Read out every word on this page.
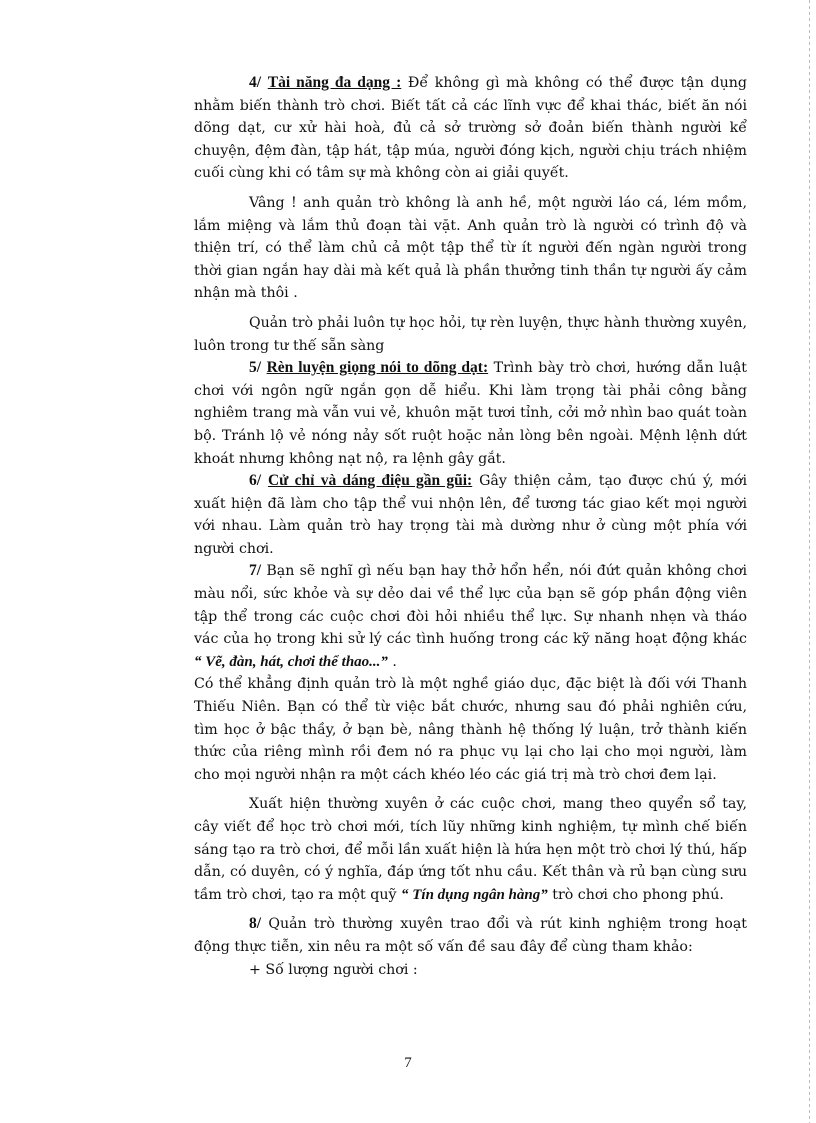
4/ Tài năng đa dạng : Để không gì mà không có thể được tận dụng nhằm biến thành trò chơi. Biết tất cả các lĩnh vực để khai thác, biết ăn nói dõng dạt, cư xử hài hoà, đủ cả sở trường sở đoản biến thành người kể chuyện, đệm đàn, tập hát, tập múa, người đóng kịch, người chịu trách nhiệm cuối cùng khi có tâm sự mà không còn ai giải quyết.

Vâng ! anh quản trò không là anh hề, một người láo cá, lém mồm, lắm miệng và lắm thủ đoạn tài vặt. Anh quản trò là người có trình độ và thiện trí, có thể làm chủ cả một tập thể từ ít người đến ngàn người trong thời gian ngắn hay dài mà kết quả là phần thưởng tinh thần tự người ấy cảm nhận mà thôi .

Quản trò phải luôn tự học hỏi, tự rèn luyện, thực hành thường xuyên, luôn trong tư thế sẵn sàng

5/ Rèn luyện giọng nói to dõng dạt: Trình bày trò chơi, hướng dẫn luật chơi với ngôn ngữ ngắn gọn dễ hiểu. Khi làm trọng tài phải công bằng nghiêm trang mà vẫn vui vẻ, khuôn mặt tươi tỉnh, cởi mở nhìn bao quát toàn bộ. Tránh lộ vẻ nóng nảy sốt ruột hoặc nản lòng bên ngoài. Mệnh lệnh dứt khoát nhưng không nạt nộ, ra lệnh gây gắt.

6/ Cử chỉ và dáng điệu gần gũi: Gây thiện cảm, tạo được chú ý, mới xuất hiện đã làm cho tập thể vui nhộn lên, để tương tác giao kết mọi người với nhau. Làm quản trò hay trọng tài mà dường như ở cùng một phía với người chơi.

7/ Bạn sẽ nghĩ gì nếu bạn hay thở hổn hển, nói đứt quản không chơi màu nổi, sức khỏe và sự dẻo dai về thể lực của bạn sẽ góp phần động viên tập thể trong các cuộc chơi đòi hỏi nhiều thể lực. Sự nhanh nhẹn và tháo vác của họ trong khi sử lý các tình huống trong các kỹ năng hoạt động khác “ Vẽ, đàn, hát, chơi thể thao...” .

Có thể khẳng định quản trò là một nghề giáo dục, đặc biệt là đối với Thanh Thiếu Niên. Bạn có thể từ việc bắt chước, nhưng sau đó phải nghiên cứu, tìm học ở bậc thầy, ở bạn bè, nâng thành hệ thống lý luận, trở thành kiến thức của riêng mình rồi đem nó ra phục vụ lại cho lại cho mọi người, làm cho mọi người nhận ra một cách khéo léo các giá trị mà trò chơi đem lại.

Xuất hiện thường xuyên ở các cuộc chơi, mang theo quyển sổ tay, cây viết để học trò chơi mới, tích lũy những kinh nghiệm, tự mình chế biến sáng tạo ra trò chơi, để mỗi lần xuất hiện là hứa hẹn một trò chơi lý thú, hấp dẫn, có duyên, có ý nghĩa, đáp ứng tốt nhu cầu. Kết thân và rủ bạn cùng sưu tầm trò chơi, tạo ra một quỹ “ Tín dụng ngân hàng” trò chơi cho phong phú.

8/ Quản trò thường xuyên trao đổi và rút kinh nghiệm trong hoạt động thực tiễn, xin nêu ra một số vấn đề sau đây để cùng tham khảo:

+ Số lượng người chơi :

7
